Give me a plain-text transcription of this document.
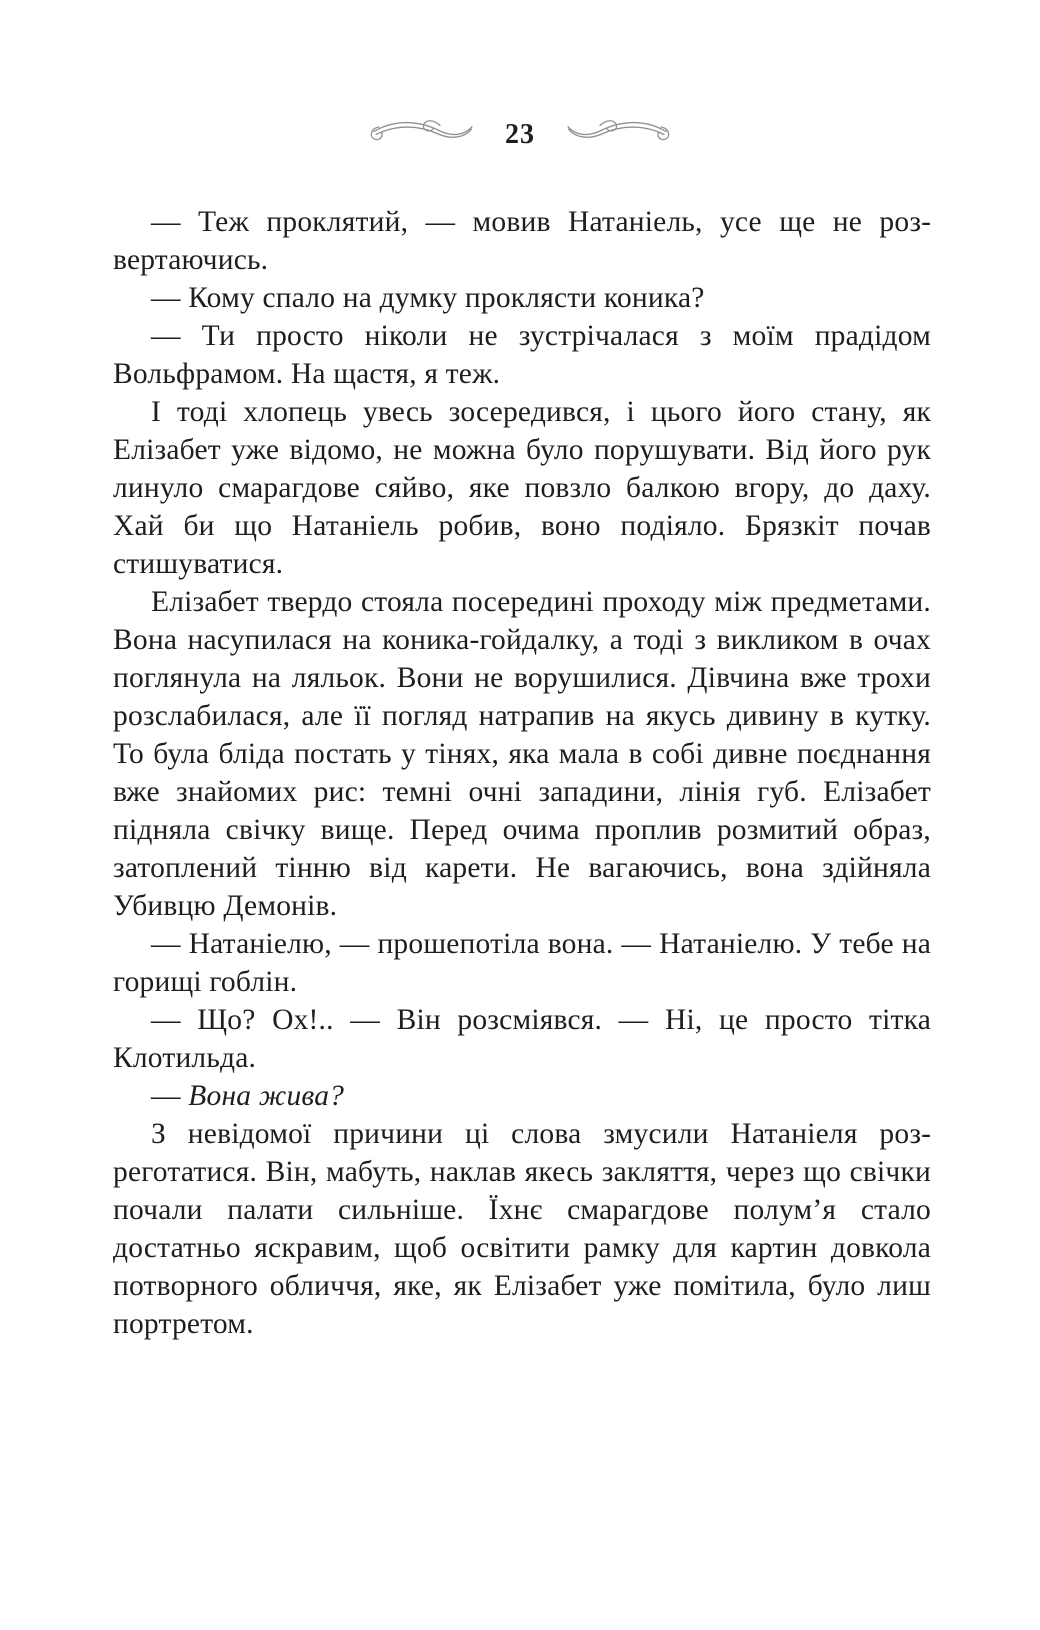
23

— Теж проклятий, — мовив Натаніель, усе ще не розвертаючись.

— Кому спало на думку проклясти коника?

— Ти просто ніколи не зустрічалася з моїм прадідом Вольфрамом. На щастя, я теж.

І тоді хлопець увесь зосередився, і цього його стану, як Елізабет уже відомо, не можна було порушувати. Від його рук линуло смарагдове сяйво, яке повзло балкою вгору, до даху. Хай би що Натаніель робив, воно подіяло. Брязкіт почав стишуватися.

Елізабет твердо стояла посередині проходу між предметами. Вона насупилася на коника-гойдалку, а тоді з викликом в очах поглянула на ляльок. Вони не ворушилися. Дівчина вже трохи розслабилася, але її погляд натрапив на якусь дивину в кутку. То була бліда постать у тінях, яка мала в собі дивне поєднання вже знайомих рис: темні очні западини, лінія губ. Елізабет підняла свічку вище. Перед очима проплив розмитий образ, затоплений тінню від карети. Не вагаючись, вона здійняла Убивцю Демонів.

— Натаніелю, — прошепотіла вона. — Натаніелю. У тебе на горищі гоблін.

— Що? Ох!.. — Він розсміявся. — Ні, це просто тітка Клотильда.

— Вона жива?

З невідомої причини ці слова змусили Натаніеля розреготатися. Він, мабуть, наклав якесь закляття, через що свічки почали палати сильніше. Їхнє смарагдове полум’я стало достатньо яскравим, щоб освітити рамку для картин довкола потворного обличчя, яке, як Елізабет уже помітила, було лиш портретом.
